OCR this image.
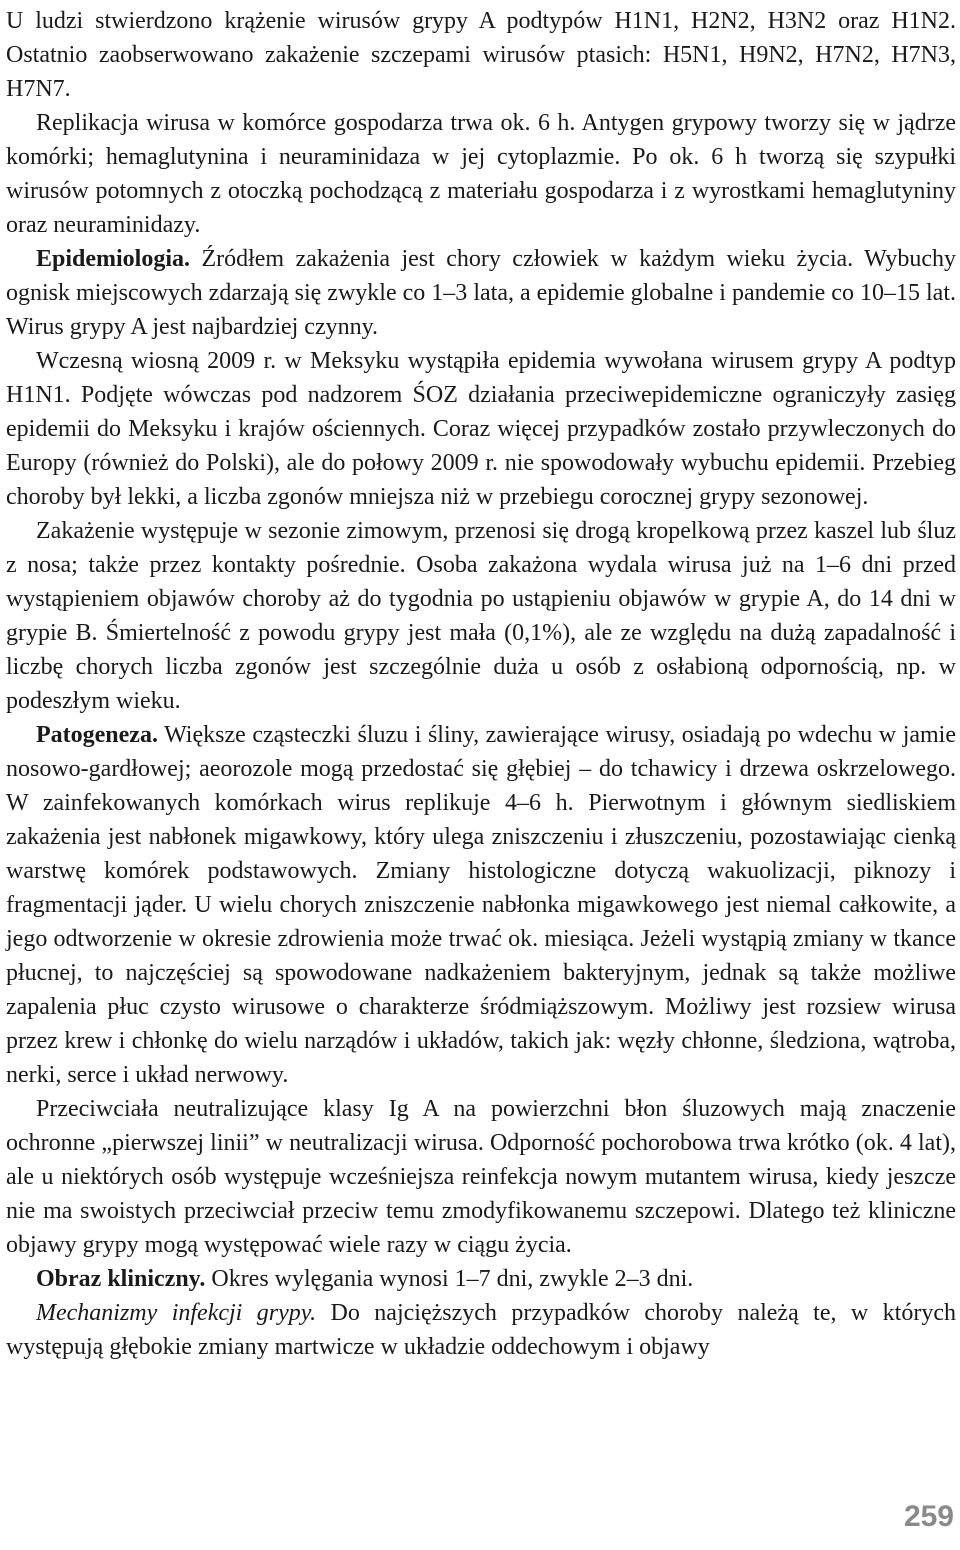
U ludzi stwierdzono krążenie wirusów grypy A podtypów H1N1, H2N2, H3N2 oraz H1N2. Ostatnio zaobserwowano zakażenie szczepami wirusów ptasich: H5N1, H9N2, H7N2, H7N3, H7N7.

Replikacja wirusa w komórce gospodarza trwa ok. 6 h. Antygen grypowy tworzy się w jądrze komórki; hemaglutynina i neuraminidaza w jej cytoplazmie. Po ok. 6 h tworzą się szypułki wirusów potomnych z otoczką pochodzącą z materiału gospodarza i z wyrostkami hemaglutyniny oraz neuraminidazy.

Epidemiologia. Źródłem zakażenia jest chory człowiek w każdym wieku życia. Wybuchy ognisk miejscowych zdarzają się zwykle co 1–3 lata, a epidemie globalne i pandemie co 10–15 lat. Wirus grypy A jest najbardziej czynny.

Wczesną wiosną 2009 r. w Meksyku wystąpiła epidemia wywołana wirusem grypy A podtyp H1N1. Podjęte wówczas pod nadzorem ŚOZ działania przeciwepidemiczne ograniczyły zasięg epidemii do Meksyku i krajów ościennych. Coraz więcej przypadków zostało przywleczonych do Europy (również do Polski), ale do połowy 2009 r. nie spowodowały wybuchu epidemii. Przebieg choroby był lekki, a liczba zgonów mniejsza niż w przebiegu corocznej grypy sezonowej.

Zakażenie występuje w sezonie zimowym, przenosi się drogą kropelkową przez kaszel lub śluz z nosa; także przez kontakty pośrednie. Osoba zakażona wydala wirusa już na 1–6 dni przed wystąpieniem objawów choroby aż do tygodnia po ustąpieniu objawów w grypie A, do 14 dni w grypie B. Śmiertelność z powodu grypy jest mała (0,1%), ale ze względu na dużą zapadalność i liczbę chorych liczba zgonów jest szczególnie duża u osób z osłabioną odpornością, np. w podeszłym wieku.

Patogeneza. Większe cząsteczki śluzu i śliny, zawierające wirusy, osiadają po wdechu w jamie nosowo-gardłowej; aeorozole mogą przedostać się głębiej – do tchawicy i drzewa oskrzelowego. W zainfekowanych komórkach wirus replikuje 4–6 h. Pierwotnym i głównym siedliskiem zakażenia jest nabłonek migawkowy, który ulega zniszczeniu i złuszczeniu, pozostawiając cienką warstwę komórek podstawowych. Zmiany histologiczne dotyczą wakuolizacji, piknozy i fragmentacji jąder. U wielu chorych zniszczenie nabłonka migawkowego jest niemal całkowite, a jego odtworzenie w okresie zdrowienia może trwać ok. miesiąca. Jeżeli wystąpią zmiany w tkance płucnej, to najczęściej są spowodowane nadkażeniem bakteryjnym, jednak są także możliwe zapalenia płuc czysto wirusowe o charakterze śródmiąższowym. Możliwy jest rozsiew wirusa przez krew i chłonkę do wielu narządów i układów, takich jak: węzły chłonne, śledziona, wątroba, nerki, serce i układ nerwowy.

Przeciwciała neutralizujące klasy Ig A na powierzchni błon śluzowych mają znaczenie ochronne „pierwszej linii” w neutralizacji wirusa. Odporność pochorobowa trwa krótko (ok. 4 lat), ale u niektórych osób występuje wcześniejsza reinfekcja nowym mutantem wirusa, kiedy jeszcze nie ma swoistych przeciwciał przeciw temu zmodyfikowanemu szczepowi. Dlatego też kliniczne objawy grypy mogą występować wiele razy w ciągu życia.

Obraz kliniczny. Okres wylęgania wynosi 1–7 dni, zwykle 2–3 dni.

Mechanizmy infekcji grypy. Do najcięższych przypadków choroby należą te, w których występują głębokie zmiany martwicze w układzie oddechowym i objawy

259
